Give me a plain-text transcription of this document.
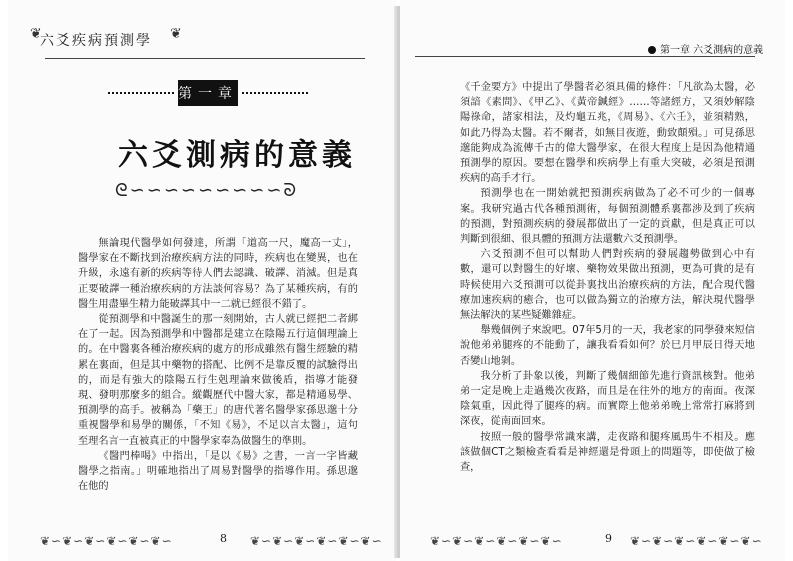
❦
六爻疾病預測學 ❦
第一章
六爻測病的意義
ᘓ∽∽∽∽∽∽∽∽∽ᘐ

無論現代醫學如何發達，所謂「道高一尺，魔高一丈」，醫學家在不斷找到治療疾病方法的同時，疾病也在變異，也在升級，永遠有新的疾病等待人們去認識、破譯、消滅。但是真正要破譯一種治療疾病的方法談何容易？為了某種疾病，有的醫生用盡畢生精力能破譯其中一二就已經很不錯了。

從預測學和中醫誕生的那一刻開始，古人就已經把二者綁在了一起。因為預測學和中醫都是建立在陰陽五行這個理論上的。在中醫裏各種治療疾病的處方的形成雖然有醫生經驗的精累在裏面，但是其中藥物的搭配、比例不是靠反覆的試驗得出的，而是有強大的陰陽五行生剋理論來做後盾，指導才能發現、發明那麼多的組合。縱觀歷代中醫大家，都是精通易學、預測學的高手。被稱為「藥王」的唐代著名醫學家孫思邈十分重視醫學和易學的關係，「不知《易》，不足以言太醫」，這句至理名言一直被真正的中醫學家奉為做醫生的準則。

《醫門棒喝》中指出，「是以《易》之書，一言一字皆藏醫學之指南。」明確地指出了周易對醫學的指導作用。孫思邈在他的

❦∽❦∽❦∽❦∽❦∽❦∽	8 ❦∽❦∽❦∽❦∽❦∽❦∽
第一章 六爻測病的意義

《千金要方》中提出了學醫者必須具備的條件：「凡欲為太醫，必須諳《素問》、《甲乙》、《黃帝鍼經》……等諸經方，又須妙解陰陽祿命，諸家相法，及灼龜五兆，《周易》、《六壬》，並須精熟，如此乃得為太醫。若不爾者，如無目夜遊，動致顛殞。」可見孫思邈能夠成為流傳千古的偉大醫學家，在很大程度上是因為他精通預測學的原因。要想在醫學和疾病學上有重大突破，必須是預測疾病的高手才行。

預測學也在一開始就把預測疾病做為了必不可少的一個專案。我研究過古代各種預測術，每個預測體系裏都涉及到了疾病的預測，對預測疾病的發展都做出了一定的貢獻，但是真正可以判斷到很細、很具體的預測方法還數六爻預測學。

六爻預測不但可以幫助人們對疾病的發展趨勢做到心中有數，還可以對醫生的好壞、藥物效果做出預測，更為可貴的是有時候使用六爻預測可以從卦裏找出治療疾病的方法，配合現代醫療加速疾病的癒合，也可以做為獨立的治療方法，解決現代醫學無法解決的某些疑難雜症。

舉幾個例子來說吧。07年5月的一天，我老家的同學發來短信說他弟弟腿疼的不能動了，讓我看看如何？於巳月甲辰日得天地否變山地剝。

我分析了卦象以後，判斷了幾個細節先進行資訊核對。他弟弟一定是晚上走過幾次夜路，而且是在往外的地方的南面。夜深陰氣重，因此得了腿疼的病。而實際上他弟弟晚上常常打麻將到深夜，從南面回來。

按照一般的醫學常識來講，走夜路和腿疼風馬牛不相及。應該做個CT之類檢查看看是神經還是骨頭上的問題等，即使做了檢查，

❦∽❦∽❦∽❦∽❦∽❦∽	9 ❦∽❦∽❦∽❦∽❦∽❦∽
